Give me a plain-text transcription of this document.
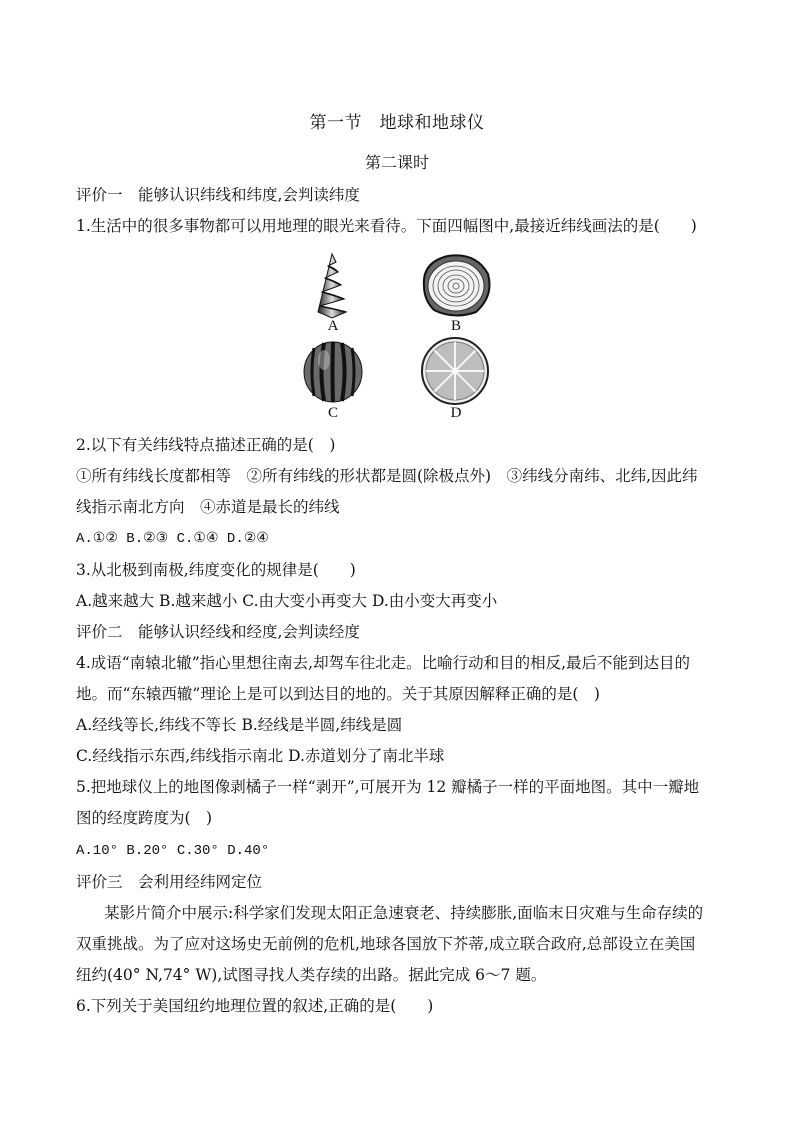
第一节　地球和地球仪
第二课时
评价一　能够认识纬线和纬度,会判读纬度
1.生活中的很多事物都可以用地理的眼光来看待。下面四幅图中,最接近纬线画法的是(　　)
A	B
C	D
2.以下有关纬线特点描述正确的是(　)
①所有纬线长度都相等　②所有纬线的形状都是圆(除极点外)　③纬线分南纬、北纬,因此纬
线指示南北方向　④赤道是最长的纬线
A.①② B.②③ C.①④ D.②④
3.从北极到南极,纬度变化的规律是(　　)
A.越来越大 B.越来越小 C.由大变小再变大 D.由小变大再变小
评价二　能够认识经线和经度,会判读经度
4.成语“南辕北辙”指心里想往南去,却驾车往北走。比喻行动和目的相反,最后不能到达目的
地。而“东辕西辙”理论上是可以到达目的地的。关于其原因解释正确的是(　)
A.经线等长,纬线不等长 B.经线是半圆,纬线是圆
C.经线指示东西,纬线指示南北 D.赤道划分了南北半球
5.把地球仪上的地图像剥橘子一样“剥开”,可展开为 12 瓣橘子一样的平面地图。其中一瓣地
图的经度跨度为(　)
A.10° B.20° C.30° D.40°
评价三　会利用经纬网定位
某影片简介中展示:科学家们发现太阳正急速衰老、持续膨胀,面临末日灾难与生命存续的
双重挑战。为了应对这场史无前例的危机,地球各国放下芥蒂,成立联合政府,总部设立在美国
纽约(40° N,74° W),试图寻找人类存续的出路。据此完成 6～7 题。
6.下列关于美国纽约地理位置的叙述,正确的是(　　)
